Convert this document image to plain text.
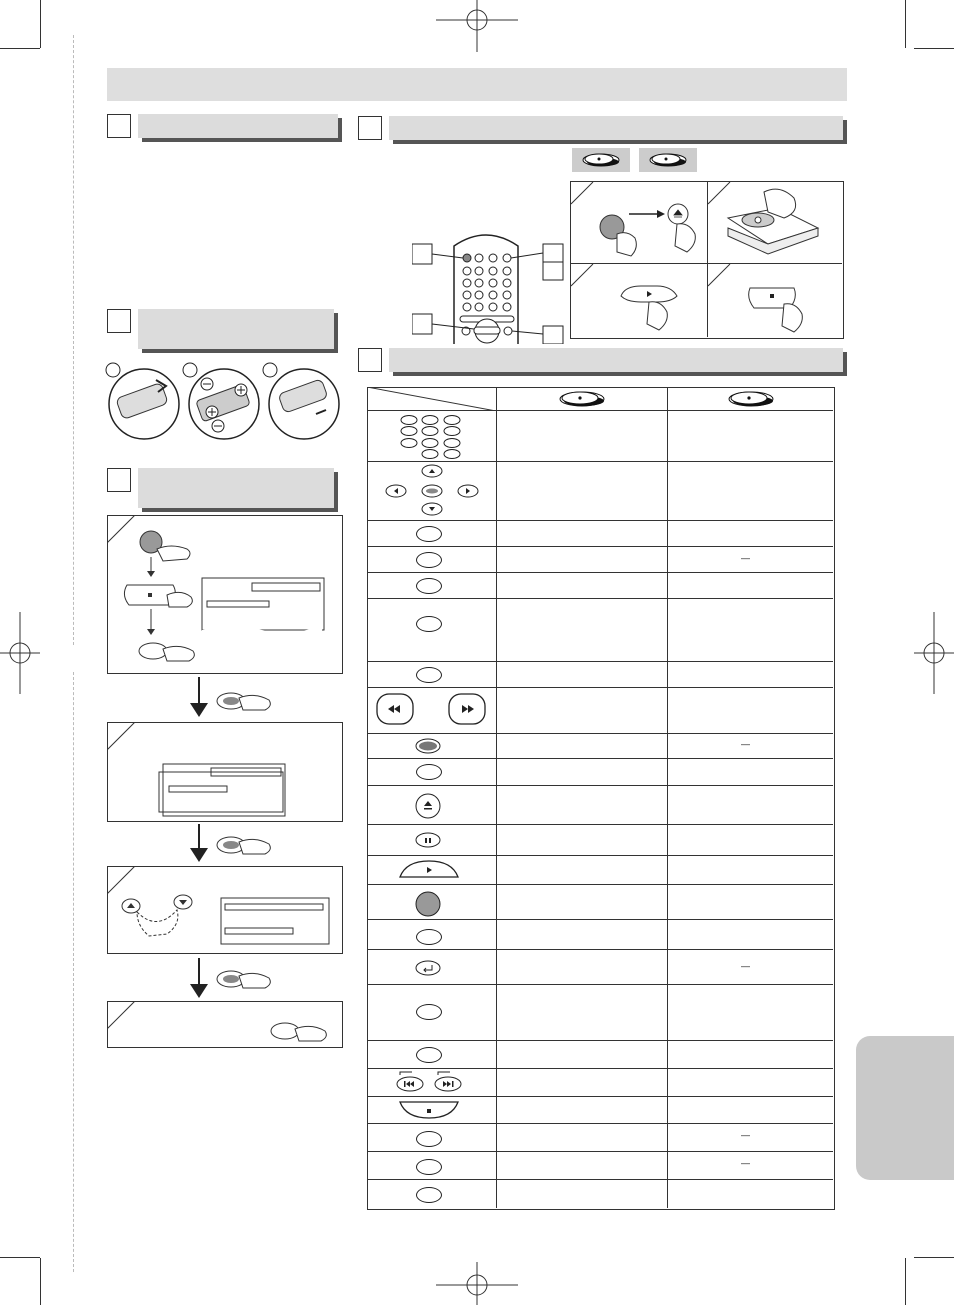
—
—
—
—
—
